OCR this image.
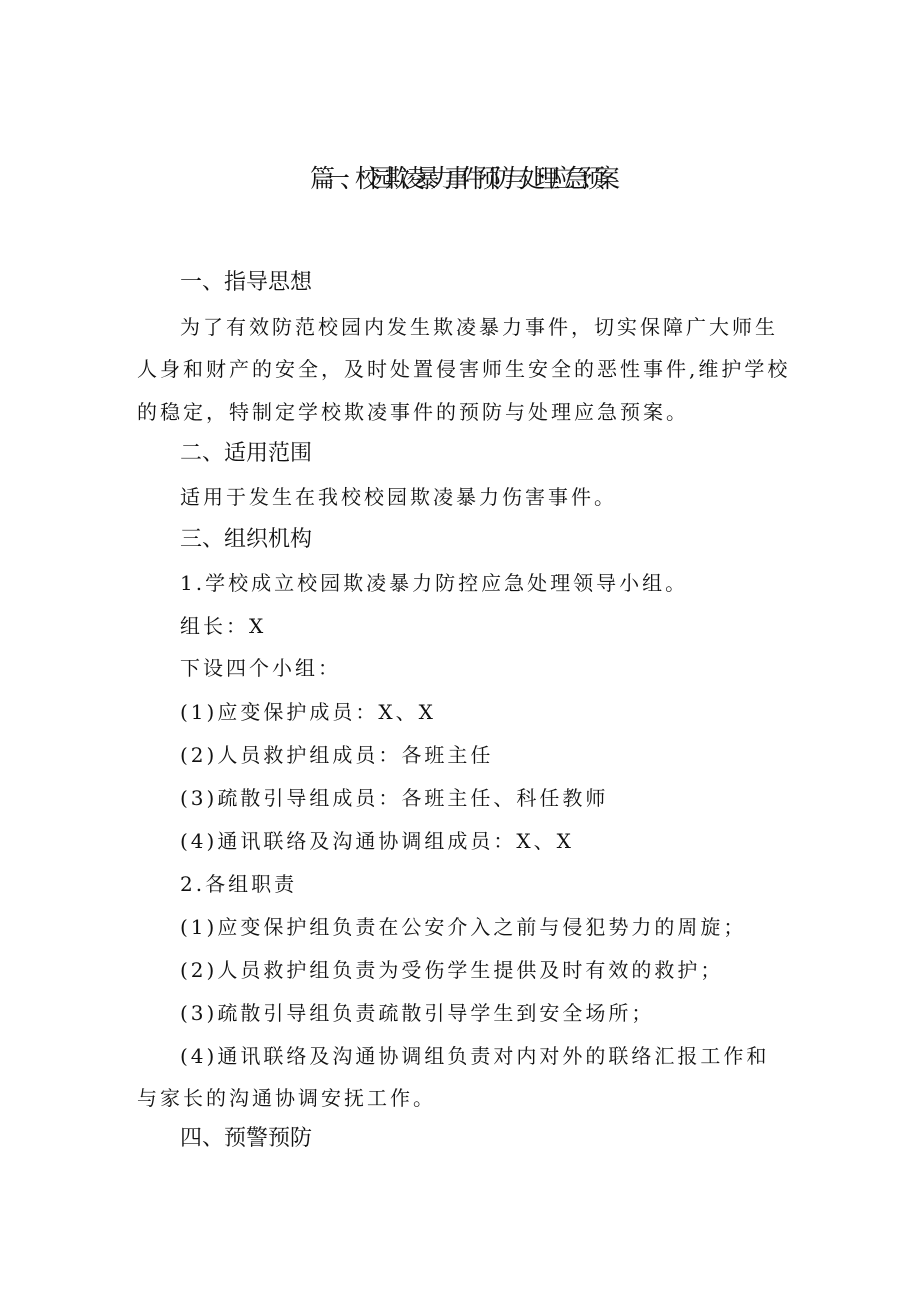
篇一、校园欺凌暴力事件预防与处理应急预案
一、指导思想
为了有效防范校园内发生欺凌暴力事件，切实保障广大师生
人身和财产的安全，及时处置侵害师生安全的恶性事件,维护学校
的稳定，特制定学校欺凌事件的预防与处理应急预案。
二、适用范围
适用于发生在我校校园欺凌暴力伤害事件。
三、组织机构
1.学校成立校园欺凌暴力防控应急处理领导小组。
组长：X
下设四个小组：
(1)应变保护成员：X、X
(2)人员救护组成员：各班主任
(3)疏散引导组成员：各班主任、科任教师
(4)通讯联络及沟通协调组成员：X、X
2.各组职责
(1)应变保护组负责在公安介入之前与侵犯势力的周旋；
(2)人员救护组负责为受伤学生提供及时有效的救护；
(3)疏散引导组负责疏散引导学生到安全场所；
(4)通讯联络及沟通协调组负责对内对外的联络汇报工作和
与家长的沟通协调安抚工作。
四、预警预防
